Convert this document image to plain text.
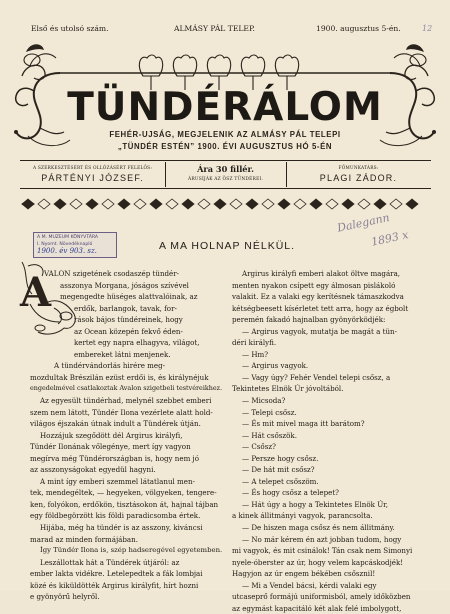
Első és utolsó szám.	ALMÁSY PÁL TELEP.	1900. augusztus 5-én.	12
TÜNDÉRÁLOM
FEHÉR-UJSÁG, MEGJELENIK AZ ALMÁSY PÁL TELEPI
„TÜNDÉR ESTÉN” 1900. ÉVI AUGUSZTUS HÓ 5-ÉN
A SZERKESZTÉSÉRT ÉS OLLÓZÁSÉRT FELELŐS:
PÁRTÉNYI JÓZSEF.
Ára 30 fillér.
ÁRUSÍJÁK AZ ÖSZ TÜNDÉREI.
FŐMUNKATÁRS:
PLAGI ZÁDOR.
A M. MUZEUM KÖNYVTÁRA
I. Nyomt. Növedéknapló
1900. év 903. sz.
Dalegann
1893 x
A MA HOLNAP NÉLKÜL.
A
VALON szigetének csodaszép tündér-
asszonya Morgana, jóságos szívével
megengedte hüséges alattvalóinak, az
erdők, barlangok, tavak, for-
rások bájos tündéreinek, hogy
az Ocean közepén fekvő éden-
kertet egy napra elhagyva, világot,
embereket látni menjenek.
A tündérvándorlás hirére meg-
mozdultak Brészilán ezüst erdői is, és királynéjuk
engedelmével csatlakoztak Avalon szigetbeli testvéreikhez.
Az egyesült tündérhad, melynél szebbet emberi
szem nem látott, Tündér Ilona vezérlete alatt hold-
világos éjszakán útnak indult a Tündérek útján.
Hozzájuk szegődött dél Argirus királyfi,
Tündér Ilonának vőlegénye, mert így vagyon
megírva még Tündérországban is, hogy nem jó
az asszonyságokat egyedül hagyni.
A mint így emberi szemmel látatlanul men-
tek, mendegéltek, — hegyeken, völgyeken, tengere-
ken, folyókon, erdőkön, tisztásokon át, hajnal tájban
egy földbegörzött kis földi paradicsomba értek.
Hijába, még ha tündér is az asszony, kiváncsi
marad az minden formájában.
Így Tündér Ilona is, szép hadseregével egyetemben.
Leszállottak hát a Tündérek útjáról: az
ember lakta vidékre. Letelepedtek a fák lombjai
közé és kiküldötték Argirus királyfit, hírt hozni
e gyönyörű helyről.
Argirus királyfi emberi alakot öltve magára,
menten nyakon csípett egy álmosan pislákoló
valakit. Ez a valaki egy kerítésnek támaszkodva
kétségbeesett kísérletet tett arra, hogy az égbolt
peremén fakadó hajnalban gyönyörködjék:
— Argirus vagyok, mutatja be magát a tün-
déri királyfi.
— Hm?
— Argirus vagyok.
— Vagy úgy? Fehér Vendel telepi csősz, a
Tekintetes Elnök Úr jóvoltából.
— Micsoda?
— Telepi csősz.
— És mit mivel maga itt barátom?
— Hát csőszök.
— Csősz?
— Persze hogy csősz.
— De hát mit csősz?
— A telepet csőszöm.
— És hogy csősz a telepet?
— Hát úgy a hogy a Tekintetes Elnök Úr,
a kinek állitmányi vagyok, parancsolta.
— De hiszen maga csősz és nem állitmány.
— No már kérem én azt jobban tudom, hogy
mi vagyok, és mit csinálok! Tán csak nem Simonyi
nyele-óberster az úr, hogy velem kapcáskodjék!
Hagyjon az úr engem békében csősznil!
— Mi a Vendel bácsi, kérdi valaki egy
utcaseprő formájú uniformisból, amely időközben
az egymást kapacitáló két alak felé imbolygott,
